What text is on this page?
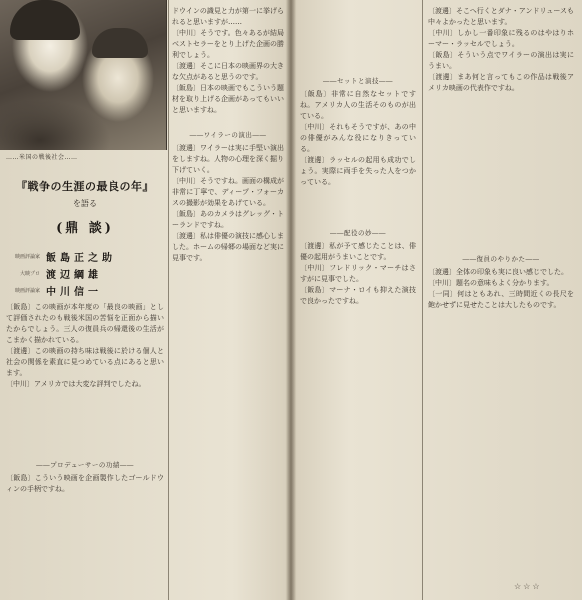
……米国の戦後社会……
『戦争の生涯の最良の年』
を語る
(鼎 談)
映画評論家 飯島正之助
大映プロ 渡辺綱雄
映画評論家 中川信一

〔飯島〕この映画が本年度の「最良の映画」として評価されたのも戦後米国の苦悩を正面から描いたからでしょう。三人の復員兵の帰還後の生活がこまかく描かれている。

〔渡邊〕この映画の持ち味は戦後に於ける個人と社会の関係を素直に見つめている点にあると思います。

〔中川〕アメリカでは大変な評判でしたね。

――プロデューサーの功績――

〔飯島〕こういう映画を企画製作したゴールドウィンの手柄ですね。

ドウインの識見と力が第一に挙げられると思いますが……

〔中川〕そうです。色々あるが結局ベストセラーをとり上げた企画の勝利でしょう。

〔渡邊〕そこに日本の映画界の大きな欠点があると思うのです。

〔飯島〕日本の映画でもこういう題材を取り上げる企画があってもいいと思いますね。

――ワイラーの演出――

〔渡邊〕ワイラーは実に手堅い演出をしますね。人物の心理を深く掘り下げていく。

〔中川〕そうですね。画面の構成が非常に丁寧で、ディープ・フォーカスの撮影が効果をあげている。

〔飯島〕あのカメラはグレッグ・トーランドですね。

〔渡邊〕私は俳優の演技に感心しました。ホームの帰郷の場面など実に見事です。

――セットと演技――

〔飯島〕非常に自然なセットですね。アメリカ人の生活そのものが出ている。

〔中川〕それもそうですが、あの中の俳優がみんな役になりきっている。

〔渡邊〕ラッセルの起用も成功でしょう。実際に両手を失った人をつかっている。

――配役の妙――

〔渡邊〕私が予て感じたことは、俳優の起用がうまいことです。

〔中川〕フレドリック・マーチはさすがに見事でした。

〔飯島〕マーナ・ロイも抑えた演技で良かったですね。

〔渡邊〕そこへ行くとダナ・アンドリュースも中々よかったと思います。

〔中川〕しかし一番印象に残るのはやはりホーマー・ラッセルでしょう。

〔飯島〕そういう点でワイラーの演出は実にうまい。

〔渡邊〕まあ何と言ってもこの作品は戦後アメリカ映画の代表作ですね。

――復員のやりかた――

〔渡邊〕全体の印象も実に良い感じでした。

〔中川〕題名の意味もよく分かります。

〔一同〕何はともあれ、三時間近くの長尺を飽かせずに見せたことは大したものです。

☆☆☆
